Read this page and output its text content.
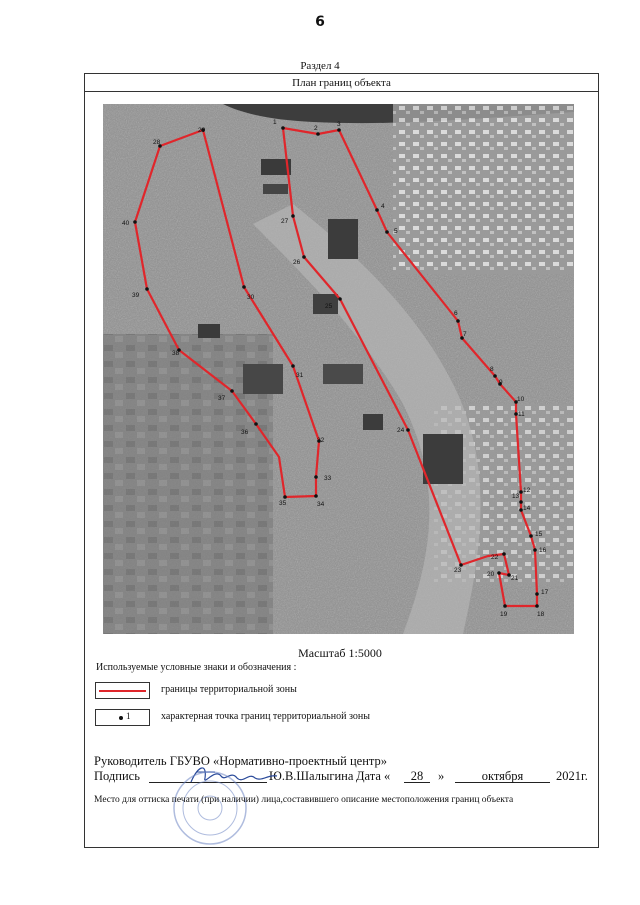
6
Раздел 4
План границ объекта
1
2
3
4
5
6
7
8
9
10
11
12
13
14
15
16
17
18
19
20
21
22
23
24
25
26
27
28
29
30
31
32
33
34
35
36
37
38
39
40
Масштаб 1:5000
Используемые условные знаки и обозначения :
границы территориальной зоны
1	характерная точка границ территориальной зоны
Руководитель ГБУВО «Нормативно-проектный центр»
Подпись	Ю.В.Шалыгина Дата «	28	»	октября	2021г.
Место для оттиска печати (при наличии) лица,составившего описание местоположения границ объекта
